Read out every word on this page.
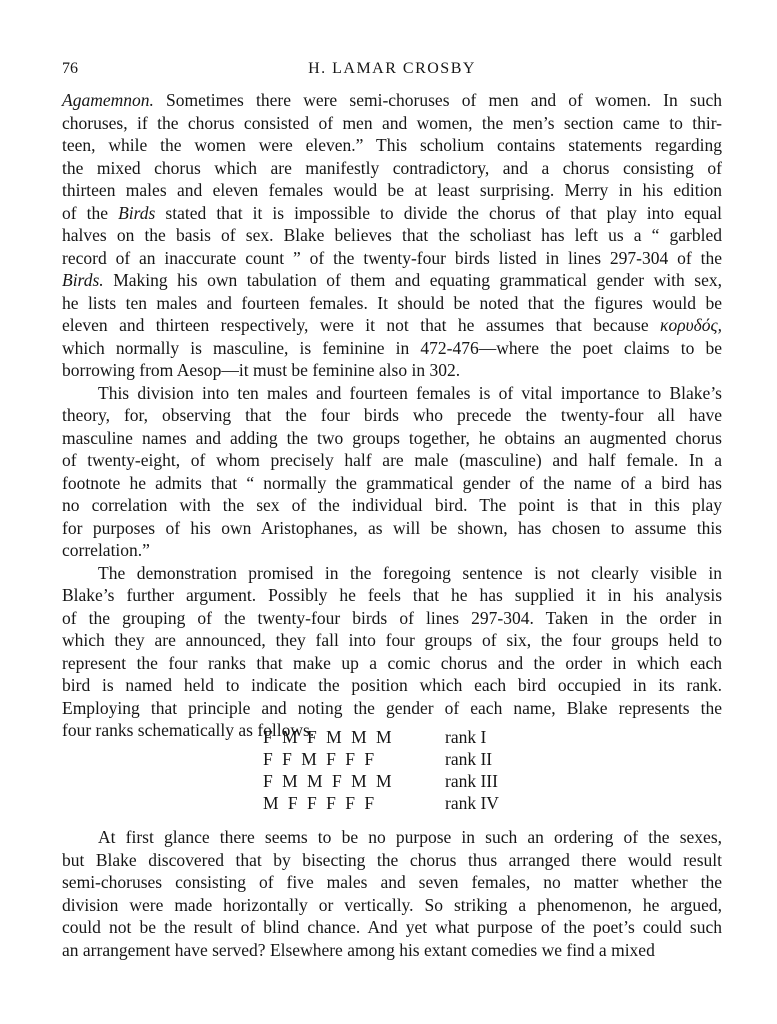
76	H. LAMAR CROSBY

Agamemnon. Sometimes there were semi-choruses of men and of women. In such
choruses, if the chorus consisted of men and women, the men’s section came to thir-
teen, while the women were eleven.” This scholium contains statements regarding
the mixed chorus which are manifestly contradictory, and a chorus consisting of
thirteen males and eleven females would be at least surprising. Merry in his edition
of the Birds stated that it is impossible to divide the chorus of that play into equal
halves on the basis of sex. Blake believes that the scholiast has left us a “ garbled
record of an inaccurate count ” of the twenty-four birds listed in lines 297-304 of the
Birds. Making his own tabulation of them and equating grammatical gender with sex,
he lists ten males and fourteen females. It should be noted that the figures would be
eleven and thirteen respectively, were it not that he assumes that because κορυδός,
which normally is masculine, is feminine in 472-476—where the poet claims to be
borrowing from Aesop—it must be feminine also in 302.

This division into ten males and fourteen females is of vital importance to Blake’s
theory, for, observing that the four birds who precede the twenty-four all have
masculine names and adding the two groups together, he obtains an augmented chorus
of twenty-eight, of whom precisely half are male (masculine) and half female. In a
footnote he admits that “ normally the grammatical gender of the name of a bird has
no correlation with the sex of the individual bird. The point is that in this play
for purposes of his own Aristophanes, as will be shown, has chosen to assume this
correlation.”

The demonstration promised in the foregoing sentence is not clearly visible in
Blake’s further argument. Possibly he feels that he has supplied it in his analysis
of the grouping of the twenty-four birds of lines 297-304. Taken in the order in
which they are announced, they fall into four groups of six, the four groups held to
represent the four ranks that make up a comic chorus and the order in which each
bird is named held to indicate the position which each bird occupied in its rank.
Employing that principle and noting the gender of each name, Blake represents the
four ranks schematically as follows.

F M F M M M	rank I
F F M F F F	rank II
F M M F M M	rank III
M F F F F F	rank IV

At first glance there seems to be no purpose in such an ordering of the sexes,
but Blake discovered that by bisecting the chorus thus arranged there would result
semi-choruses consisting of five males and seven females, no matter whether the
division were made horizontally or vertically. So striking a phenomenon, he argued,
could not be the result of blind chance. And yet what purpose of the poet’s could such
an arrangement have served? Elsewhere among his extant comedies we find a mixed
